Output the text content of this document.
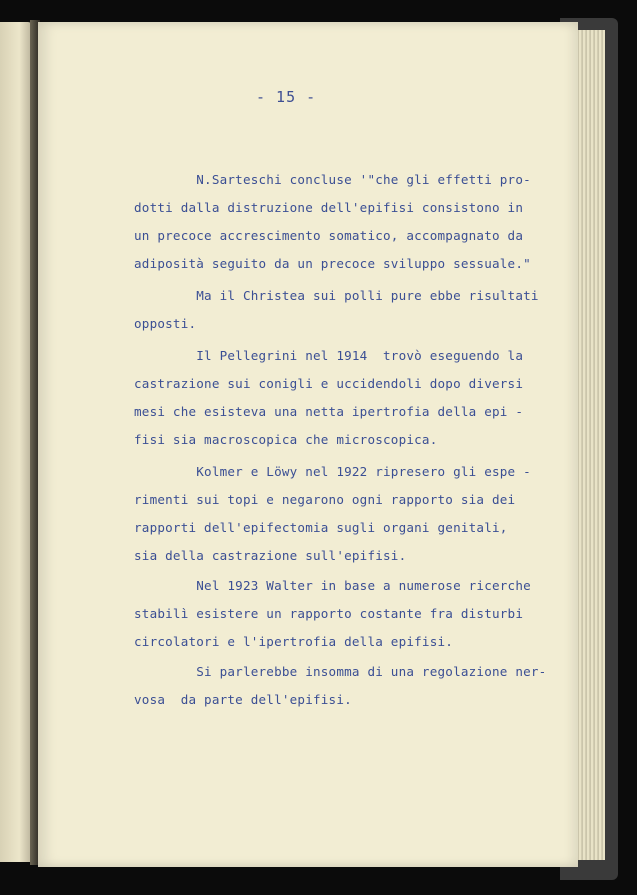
- 15 -
N.Sarteschi concluse '"che gli effetti pro-
dotti dalla distruzione dell'epifisi consistono in
un precoce accrescimento somatico, accompagnato da
adiposità seguito da un precoce sviluppo sessuale."
Ma il Christea sui polli pure ebbe risultati
opposti.
Il Pellegrini nel 1914  trovò eseguendo la
castrazione sui conigli e uccidendoli dopo diversi
mesi che esisteva una netta ipertrofia della epi -
fisi sia macroscopica che microscopica.
Kolmer e Löwy nel 1922 ripresero gli espe -
rimenti sui topi e negarono ogni rapporto sia dei
rapporti dell'epifectomia sugli organi genitali,
sia della castrazione sull'epifisi.
Nel 1923 Walter in base a numerose ricerche
stabilì esistere un rapporto costante fra disturbi
circolatori e l'ipertrofia della epifisi.
Si parlerebbe insomma di una regolazione ner-
vosa  da parte dell'epifisi.
